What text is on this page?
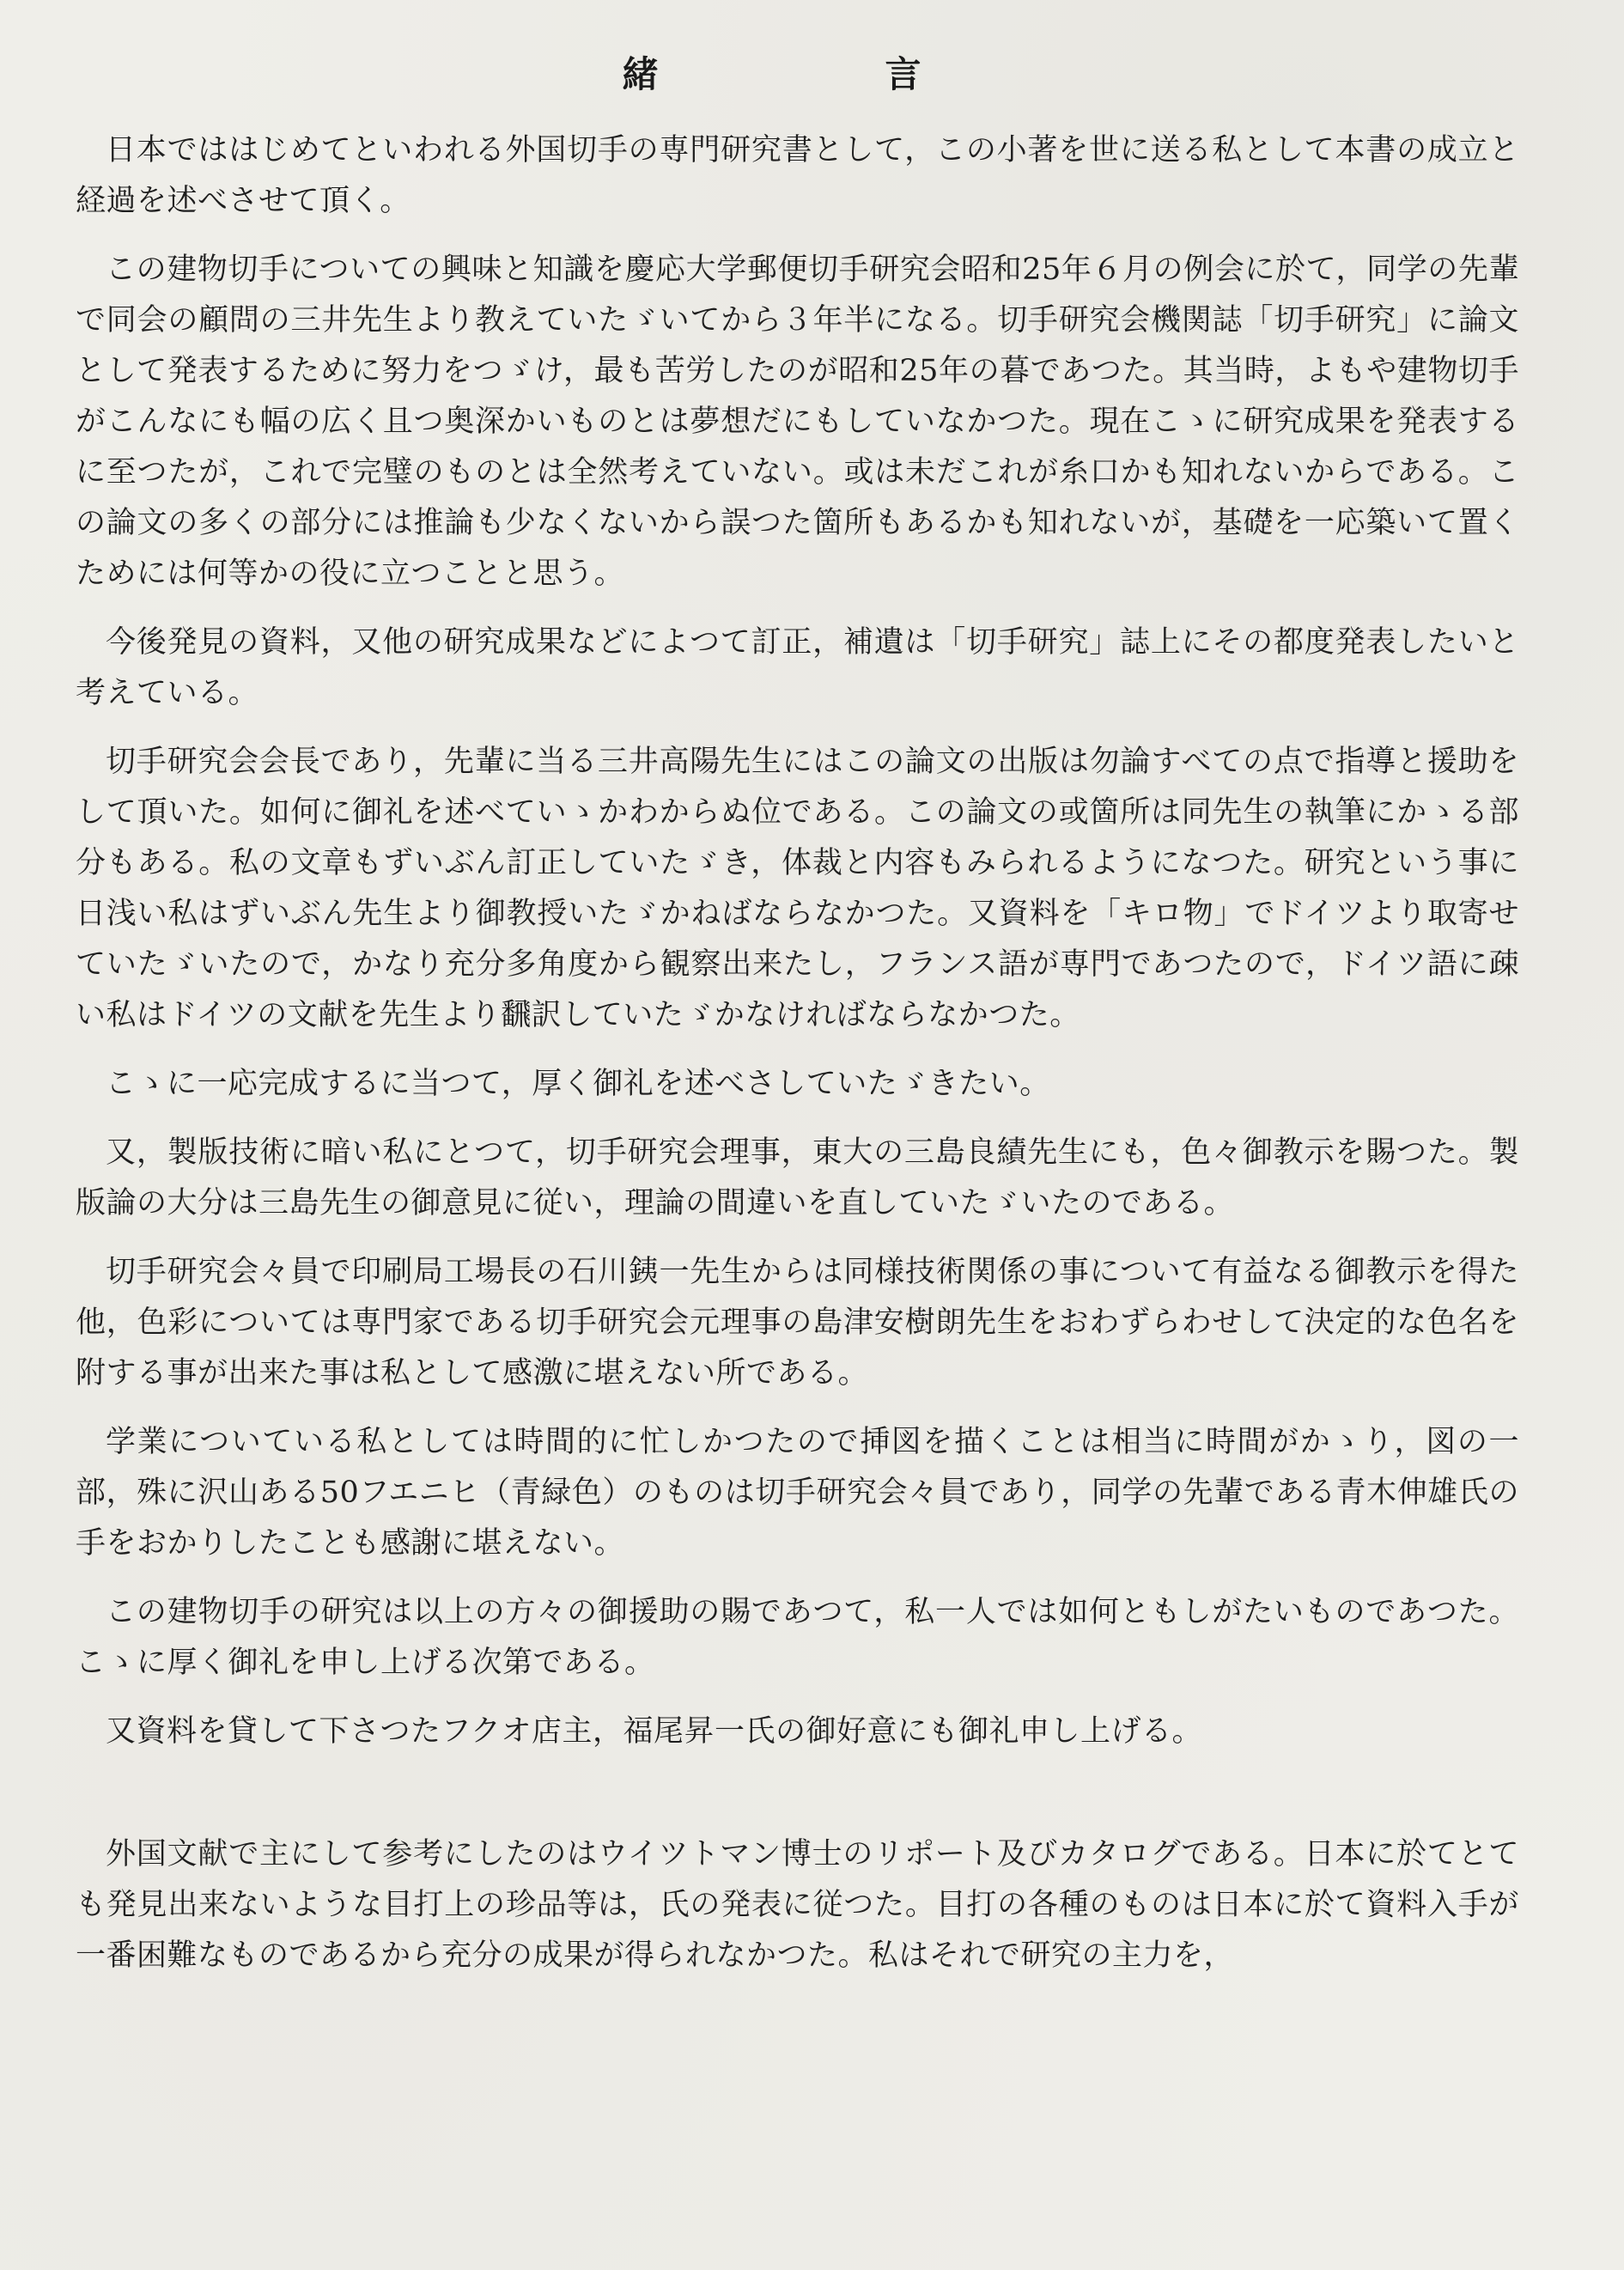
緒　　言

日本でははじめてといわれる外国切手の専門研究書として，この小著を世に送る私として本書の成立と経過を述べさせて頂く。

この建物切手についての興味と知識を慶応大学郵便切手研究会昭和25年６月の例会に於て，同学の先輩で同会の顧問の三井先生より教えていたゞいてから３年半になる。切手研究会機関誌「切手研究」に論文として発表するために努力をつゞけ，最も苦労したのが昭和25年の暮であつた。其当時，よもや建物切手がこんなにも幅の広く且つ奥深かいものとは夢想だにもしていなかつた。現在こゝに研究成果を発表するに至つたが，これで完璧のものとは全然考えていない。或は未だこれが糸口かも知れないからである。この論文の多くの部分には推論も少なくないから誤つた箇所もあるかも知れないが，基礎を一応築いて置くためには何等かの役に立つことと思う。

今後発見の資料，又他の研究成果などによつて訂正，補遺は「切手研究」誌上にその都度発表したいと考えている。

切手研究会会長であり，先輩に当る三井高陽先生にはこの論文の出版は勿論すべての点で指導と援助をして頂いた。如何に御礼を述べていゝかわからぬ位である。この論文の或箇所は同先生の執筆にかゝる部分もある。私の文章もずいぶん訂正していたゞき，体裁と内容もみられるようになつた。研究という事に日浅い私はずいぶん先生より御教授いたゞかねばならなかつた。又資料を「キロ物」でドイツより取寄せていたゞいたので，かなり充分多角度から観察出来たし，フランス語が専門であつたので，ドイツ語に疎い私はドイツの文献を先生より飜訳していたゞかなければならなかつた。

こゝに一応完成するに当つて，厚く御礼を述べさしていたゞきたい。

又，製版技術に暗い私にとつて，切手研究会理事，東大の三島良績先生にも，色々御教示を賜つた。製版論の大分は三島先生の御意見に従い，理論の間違いを直していたゞいたのである。

切手研究会々員で印刷局工場長の石川銕一先生からは同様技術関係の事について有益なる御教示を得た他，色彩については専門家である切手研究会元理事の島津安樹朗先生をおわずらわせして決定的な色名を附する事が出来た事は私として感激に堪えない所である。

学業についている私としては時間的に忙しかつたので挿図を描くことは相当に時間がかゝり，図の一部，殊に沢山ある50フエニヒ（青緑色）のものは切手研究会々員であり，同学の先輩である青木伸雄氏の手をおかりしたことも感謝に堪えない。

この建物切手の研究は以上の方々の御援助の賜であつて，私一人では如何ともしがたいものであつた。こゝに厚く御礼を申し上げる次第である。

又資料を貸して下さつたフクオ店主，福尾昇一氏の御好意にも御礼申し上げる。

外国文献で主にして参考にしたのはウイツトマン博士のリポート及びカタログである。日本に於てとても発見出来ないような目打上の珍品等は，氏の発表に従つた。目打の各種のものは日本に於て資料入手が一番困難なものであるから充分の成果が得られなかつた。私はそれで研究の主力を，
